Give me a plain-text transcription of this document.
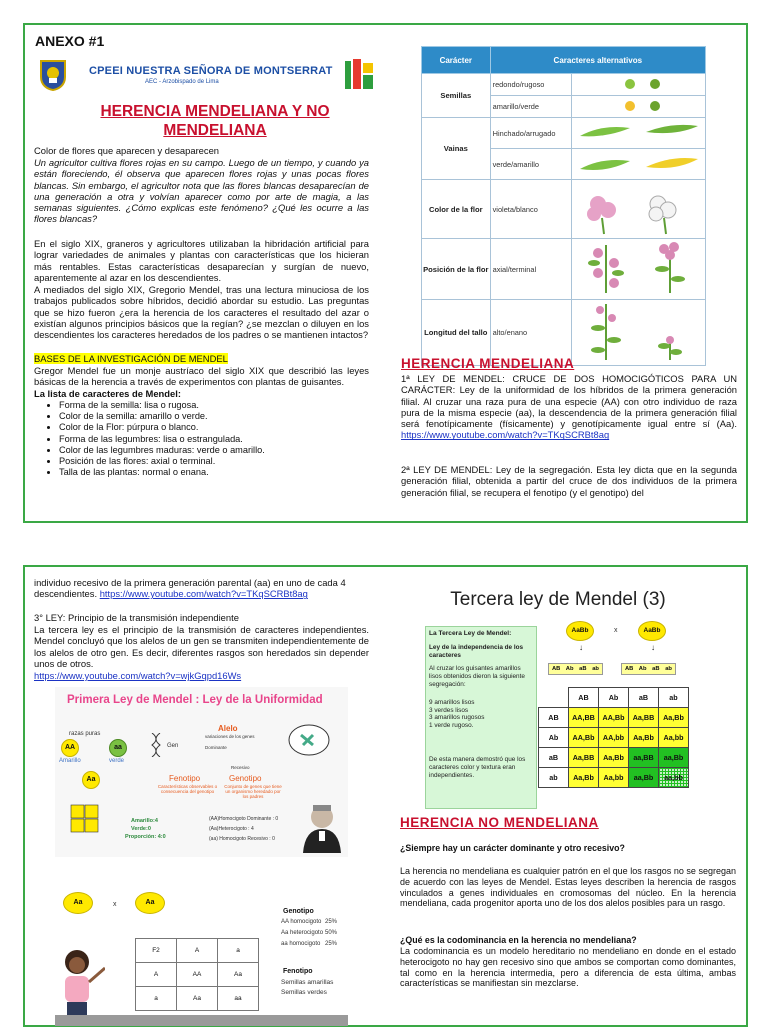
ANEXO #1
CPEEI NUESTRA SEÑORA DE MONTSERRAT
AEC - Arzobispado de Lima
HERENCIA MENDELIANA Y NO MENDELIANA
Color de flores que aparecen y desaparecen
Un agricultor cultiva flores rojas en su campo. Luego de un tiempo, y cuando ya están floreciendo, él observa que aparecen flores rojas y unas pocas flores blancas. Sin embargo, el agricultor nota que las flores blancas desaparecían de una generación a otra y volvían aparecer como por arte de magia, a las semanas siguientes. ¿Cómo explicas este fenómeno? ¿Qué les ocurre a las flores blancas?
En el siglo XIX, graneros y agricultores utilizaban la hibridación artificial para lograr variedades de animales y plantas con características que los hicieran más rentables. Estas características desaparecían y surgían de nuevo, aparentemente al azar en los descendientes.
A mediados del siglo XIX, Gregorio Mendel, tras una lectura minuciosa de los trabajos publicados sobre híbridos, decidió abordar su estudio. Las preguntas que se hizo fueron ¿era la herencia de los caracteres el resultado del azar o existían algunos principios básicos que la regían? ¿se mezclan o diluyen en los descendientes los caracteres heredados de los padres o se mantienen intactos?
BASES DE LA INVESTIGACIÓN DE MENDEL
Gregor Mendel fue un monje austríaco del siglo XIX que describió las leyes básicas de la herencia a través de experimentos con plantas de guisantes.
La lista de caracteres de Mendel:
• Forma de la semilla: lisa o rugosa.
• Color de la semilla: amarillo o verde.
• Color de la Flor: púrpura o blanco.
• Forma de las legumbres: lisa o estrangulada.
• Color de las legumbres maduras: verde o amarillo.
• Posición de las flores: axial o terminal.
• Talla de las plantas: normal o enana.
Carácter	Caracteres alternativos	
Semillas	redondo/rugoso	
	amarillo/verde	
Vainas	Hinchado/arrugado	
	verde/amarillo	
Color de la flor	violeta/blanco	
Posición de la flor	axial/terminal	
Longitud del tallo	alto/enano	
HERENCIA MENDELIANA
1ª LEY DE MENDEL: CRUCE DE DOS HOMOCIGÓTICOS PARA UN CARÁCTER: Ley de la uniformidad de los híbridos de la primera generación filial. Al cruzar una raza pura de una especie (AA) con otro individuo de raza pura de la misma especie (aa), la descendencia de la primera generación filial será fenotípicamente (físicamente) y genotípicamente igual entre sí (Aa). https://www.youtube.com/watch?v=TKqSCRBt8ag
2ª LEY DE MENDEL: Ley de la segregación. Esta ley dicta que en la segunda generación filial, obtenida a partir del cruce de dos individuos de la primera generación filial, se recupera el fenotipo (y el genotipo) del
individuo recesivo de la primera generación parental (aa) en uno de cada 4 descendientes. https://www.youtube.com/watch?v=TKqSCRBt8ag
3° LEY: Principio de la transmisión independiente
La tercera ley es el principio de la transmisión de caracteres independientes. Mendel concluyó que los alelos de un gen se transmiten independientemente de los alelos de otro gen. Es decir, diferentes rasgos son heredados sin depender unos de otros.
https://www.youtube.com/watch?v=wjkGqpd16Ws
Primera Ley de Mendel : Ley de la Uniformidad
razas puras
AA	aa
Amarillo	verde
Aa
Gen
Alelo
variaciones de los genes
Dominante
Recesivo
Fenotipo
Características observables o consecuencia del genotipo
Genotipo
Conjunto de genes que tiene un organismo heredado por los padres
Amarillo:4
Verde:0
Proporción: 4:0
(AA)Homocigoto Dominante : 0
(Aa)Heterocigoto : 4
(aa) Homocigoto Recesivo : 0
Aa	x	Aa
F2	A	a
A	AA	Aa
a	Aa	aa
Genotipo
AA homocigoto 25%
Aa heterocigoto 50%
aa homocigoto 25%
Fenotipo
Semillas amarillas
Semillas verdes
Tercera ley de Mendel (3)
La Tercera Ley de Mendel:
Ley de la independencia de los caracteres
Al cruzar los guisantes amarillos lisos obtenidos dieron la siguiente segregación:
9 amarillos lisos
3 verdes lisos
3 amarillos rugosos
1 verde rugoso.
De esta manera demostró que los caracteres color y textura eran independientes.
AaBb	x	AaBb
↓	↓
AB Ab aB ab	AB Ab aB ab
	AB	Ab	aB	ab
AB	AA,BB	AA,Bb	Aa,BB	Aa,Bb
Ab	AA,Bb	AA,bb	Aa,Bb	Aa,bb
aB	Aa,BB	Aa,Bb	aa,BB	aa,Bb
ab	Aa,Bb	Aa,bb	aa,Bb	aa,bb
HERENCIA NO MENDELIANA
¿Siempre hay un carácter dominante y otro recesivo?
La herencia no mendeliana es cualquier patrón en el que los rasgos no se segregan de acuerdo con las leyes de Mendel. Estas leyes describen la herencia de rasgos vinculados a genes individuales en cromosomas del núcleo. En la herencia mendeliana, cada progenitor aporta uno de los dos alelos posibles para un rasgo.
¿Qué es la codominancia en la herencia no mendeliana?
La codominancia es un modelo hereditario no mendeliano en donde en el estado heterocigoto no hay gen recesivo sino que ambos se comportan como dominantes, tal como en la herencia intermedia, pero a diferencia de esta última, ambas características se manifiestan sin mezclarse.
